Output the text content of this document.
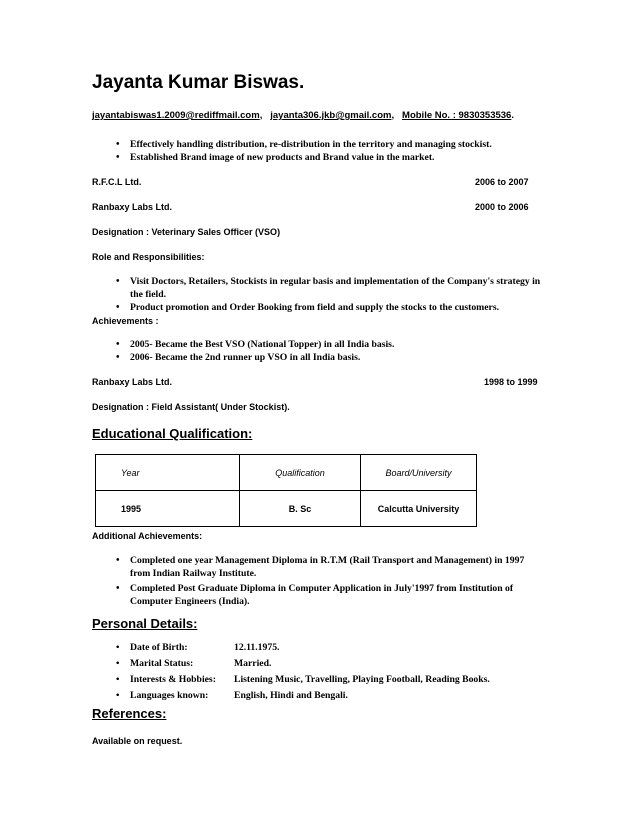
Jayanta Kumar Biswas.
jayantabiswas1.2009@rediffmail.com, jayanta306.jkb@gmail.com, Mobile No. : 9830353536.
• Effectively handling distribution, re-distribution in the territory and managing stockist.
• Established Brand image of new products and Brand value in the market.
R.F.C.L Ltd.	2006 to 2007
Ranbaxy Labs Ltd.	2000 to 2006
Designation : Veterinary Sales Officer (VSO)
Role and Responsibilities:
• Visit Doctors, Retailers, Stockists in regular basis and implementation of the Company's strategy in the field.
• Product promotion and Order Booking from field and supply the stocks to the customers.
Achievements :
• 2005- Became the Best VSO (National Topper) in all India basis.
• 2006- Became the 2nd runner up VSO in all India basis.
Ranbaxy Labs Ltd.	1998 to 1999
Designation : Field Assistant( Under Stockist).
Educational Qualification:
Year	Qualification	Board/University
1995	B. Sc	Calcutta University
Additional Achievements:
• Completed one year Management Diploma in R.T.M (Rail Transport and Management) in 1997 from Indian Railway Institute.
• Completed Post Graduate Diploma in Computer Application in July'1997 from Institution of Computer Engineers (India).
Personal Details:
• Date of Birth:	12.11.1975.
• Marital Status:	Married.
• Interests & Hobbies: Listening Music, Travelling, Playing Football, Reading Books.
• Languages known:	English, Hindi and Bengali.
References:
Available on request.
